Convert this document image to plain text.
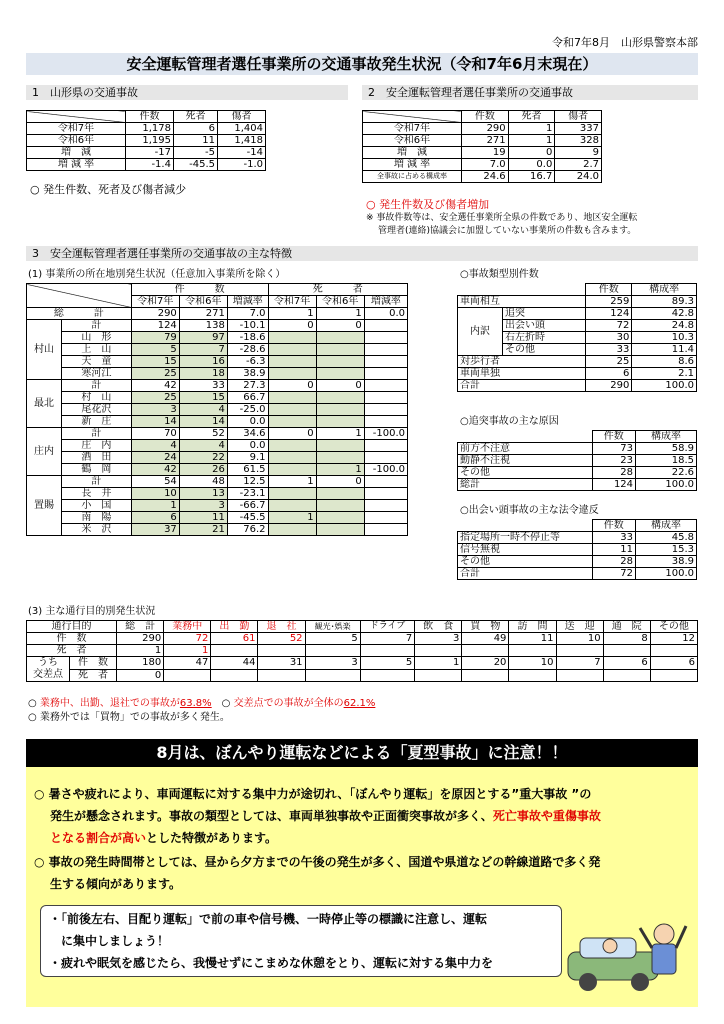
令和7年8月　山形県警察本部
安全運転管理者選任事業所の交通事故発生状況（令和7年6月末現在）
1　山形県の交通事故
	件数	死者	傷者
令和7年	1,178	6	1,404
令和6年	1,195	11	1,418
増　減	-17	-5	-14
増 減 率	-1.4	-45.5	-1.0
○ 発生件数、死者及び傷者減少
2　安全運転管理者選任事業所の交通事故
	件数	死者	傷者
令和7年	290	1	337
令和6年	271	1	328
増　減	19	0	9
増 減 率	7.0	0.0	2.7
全事故に占める構成率	24.6	16.7	24.0
○ 発生件数及び傷者増加
※ 事故件数等は、安全選任事業所全県の件数であり、地区安全運転
管理者(連絡)協議会に加盟していない事業所の件数も含みます。
3　安全運転管理者選任事業所の交通事故の主な特徴
(1) 事業所の所在地別発生状況（任意加入事業所を除く）
		件　　　数			死　　　者		
		令和7年	令和6年	増減率	令和7年	令和6年	増減率
総　　　計		290	271	7.0	1	1	0.0
村山	計	124	138	-10.1	0	0	
	山　形	79	97	-18.6			
	上　山	5	7	-28.6			
	天　童	15	16	-6.3			
	寒河江	25	18	38.9			
最北	計	42	33	27.3	0	0	
	村　山	25	15	66.7			
	尾花沢	3	4	-25.0			
	新　庄	14	14	0.0			
庄内	計	70	52	34.6	0	1	-100.0
	庄　内	4	4	0.0			
	酒　田	24	22	9.1			
	鶴　岡	42	26	61.5		1	-100.0
置賜	計	54	48	12.5	1	0	
	長　井	10	13	-23.1			
	小　国	1	3	-66.7			
	南　陽	6	11	-45.5	1		
	米　沢	37	21	76.2			
○事故類型別件数
		件数	構成率
車両相互		259	89.3
内訳	追突	124	42.8
	出会い頭	72	24.8
	右左折時	30	10.3
	その他	33	11.4
対歩行者		25	8.6
車両単独		6	2.1
合計		290	100.0
○追突事故の主な原因
	件数	構成率
前方不注意	73	58.9
動静不注視	23	18.5
その他	28	22.6
総計	124	100.0
○出会い頭事故の主な法令違反
	件数	構成率
指定場所一時不停止等	33	45.8
信号無視	11	15.3
その他	28	38.9
合計	72	100.0
(3) 主な通行目的別発生状況
通行目的		総　計	業務中	出　勤	退　社	観光･娯楽	ドライブ	飲　食	買　物	訪　問	送　迎	通　院	その他
件　数		290	72	61	52	5	7	3	49	11	10	8	12
死　者		1	1										
うち
交差点	件　数	180	47	44	31	3	5	1	20	10	7	6	6
	死　者	0											
○ 業務中、出勤、退社での事故が63.8%　○ 交差点での事故が全体の62.1%
○ 業務外では「買物」での事故が多く発生。
8月は、ぼんやり運転などによる「夏型事故」に注意！！
○ 暑さや疲れにより、車両運転に対する集中力が途切れ、「ぼんやり運転」を原因とする”重大事故 ”の
発生が懸念されます。事故の類型としては、車両単独事故や正面衝突事故が多く、死亡事故や重傷事故
となる割合が高いとした特徴があります。
○ 事故の発生時間帯としては、昼から夕方までの午後の発生が多く、国道や県道などの幹線道路で多く発
生する傾向があります。
・「前後左右、目配り運転」で前の車や信号機、一時停止等の標識に注意し、運転
に集中しましょう！
・疲れや眠気を感じたら、我慢せずにこまめな休憩をとり、運転に対する集中力を
